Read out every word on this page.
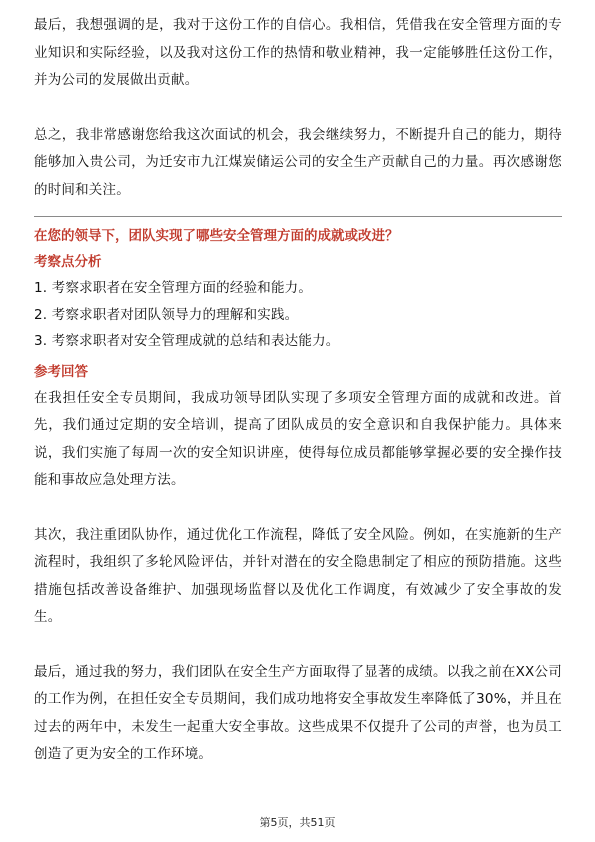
最后，我想强调的是，我对于这份工作的自信心。我相信，凭借我在安全管理方面的专业知识和实际经验，以及我对这份工作的热情和敬业精神，我一定能够胜任这份工作，并为公司的发展做出贡献。

总之，我非常感谢您给我这次面试的机会，我会继续努力，不断提升自己的能力，期待能够加入贵公司，为迁安市九江煤炭储运公司的安全生产贡献自己的力量。再次感谢您的时间和关注。

在您的领导下，团队实现了哪些安全管理方面的成就或改进？

考察点分析

1. 考察求职者在安全管理方面的经验和能力。

2. 考察求职者对团队领导力的理解和实践。

3. 考察求职者对安全管理成就的总结和表达能力。

参考回答

在我担任安全专员期间，我成功领导团队实现了多项安全管理方面的成就和改进。首先，我们通过定期的安全培训，提高了团队成员的安全意识和自我保护能力。具体来说，我们实施了每周一次的安全知识讲座，使得每位成员都能够掌握必要的安全操作技能和事故应急处理方法。

其次，我注重团队协作，通过优化工作流程，降低了安全风险。例如，在实施新的生产流程时，我组织了多轮风险评估，并针对潜在的安全隐患制定了相应的预防措施。这些措施包括改善设备维护、加强现场监督以及优化工作调度，有效减少了安全事故的发生。

最后，通过我的努力，我们团队在安全生产方面取得了显著的成绩。以我之前在XX公司的工作为例，在担任安全专员期间，我们成功地将安全事故发生率降低了30%，并且在过去的两年中，未发生一起重大安全事故。这些成果不仅提升了公司的声誉，也为员工创造了更为安全的工作环境。

第5页，共51页
